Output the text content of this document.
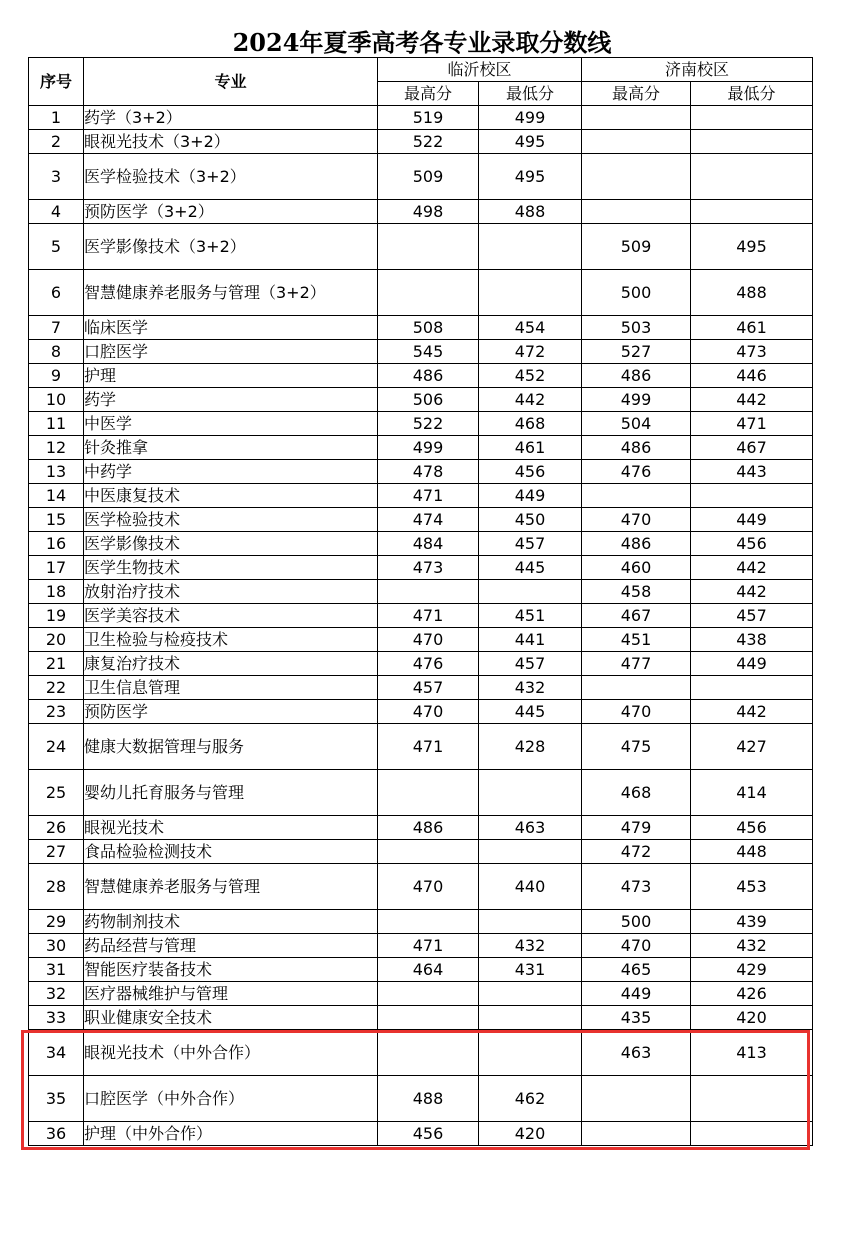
2024年夏季高考各专业录取分数线
序号	专业	临沂校区		济南校区	
		最高分	最低分	最高分	最低分
1	药学（3+2）	519	499		
2	眼视光技术（3+2）	522	495		
3	医学检验技术（3+2）	509	495		
4	预防医学（3+2）	498	488		
5	医学影像技术（3+2）			509	495
6	智慧健康养老服务与管理（3+2）			500	488
7	临床医学	508	454	503	461
8	口腔医学	545	472	527	473
9	护理	486	452	486	446
10	药学	506	442	499	442
11	中医学	522	468	504	471
12	针灸推拿	499	461	486	467
13	中药学	478	456	476	443
14	中医康复技术	471	449		
15	医学检验技术	474	450	470	449
16	医学影像技术	484	457	486	456
17	医学生物技术	473	445	460	442
18	放射治疗技术			458	442
19	医学美容技术	471	451	467	457
20	卫生检验与检疫技术	470	441	451	438
21	康复治疗技术	476	457	477	449
22	卫生信息管理	457	432		
23	预防医学	470	445	470	442
24	健康大数据管理与服务	471	428	475	427
25	婴幼儿托育服务与管理			468	414
26	眼视光技术	486	463	479	456
27	食品检验检测技术			472	448
28	智慧健康养老服务与管理	470	440	473	453
29	药物制剂技术			500	439
30	药品经营与管理	471	432	470	432
31	智能医疗装备技术	464	431	465	429
32	医疗器械维护与管理			449	426
33	职业健康安全技术			435	420
34	眼视光技术（中外合作）			463	413
35	口腔医学（中外合作）	488	462		
36	护理（中外合作）	456	420		
